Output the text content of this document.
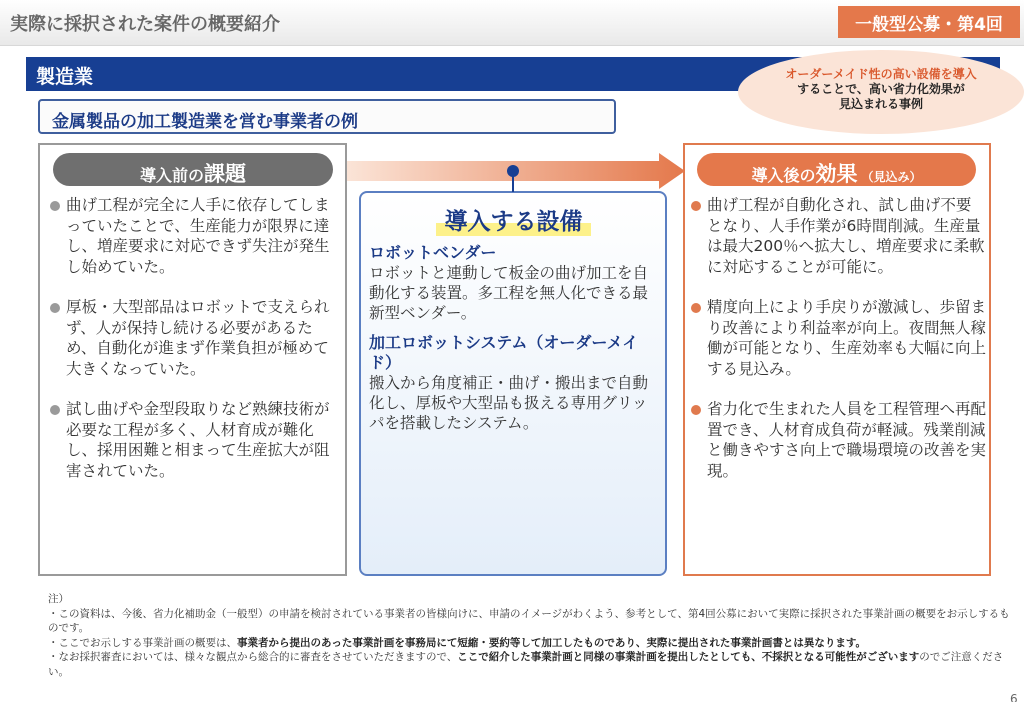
実際に採択された案件の概要紹介	一般型公募・第4回
製造業	オーダーメイド性の高い設備を導入
することで、高い省力化効果が
見込まれる事例
金属製品の加工製造業を営む事業者の例
導入前の 課題	導入後の 効果 （見込み）
導入する設備
曲げ工程が完全に人手に依存してしまっていたことで、生産能力が限界に達し、増産要求に対応できず失注が発生し始めていた。
厚板・大型部品はロボットで支えられず、人が保持し続ける必要があるため、自動化が進まず作業負担が極めて大きくなっていた。
試し曲げや金型段取りなど熟練技術が必要な工程が多く、人材育成が難化し、採用困難と相まって生産拡大が阻害されていた。
ロボットベンダー
ロボットと連動して板金の曲げ加工を自動化する装置。多工程を無人化できる最新型ベンダー。
加工ロボットシステム（オーダーメイド）
搬入から角度補正・曲げ・搬出まで自動化し、厚板や大型品も扱える専用グリッパを搭載したシステム。
曲げ工程が自動化され、試し曲げ不要となり、人手作業が6時間削減。生産量は最大200％へ拡大し、増産要求に柔軟に対応することが可能に。
精度向上により手戻りが激減し、歩留まり改善により利益率が向上。夜間無人稼働が可能となり、生産効率も大幅に向上する見込み。
省力化で生まれた人員を工程管理へ再配置でき、人材育成負荷が軽減。残業削減と働きやすさ向上で職場環境の改善を実現。
注）
・この資料は、今後、省力化補助金（一般型）の申請を検討されている事業者の皆様向けに、申請のイメージがわくよう、参考として、第4回公募において実際に採択された事業計画の概要をお示しするものです。
・ここでお示しする事業計画の概要は、事業者から提出のあった事業計画を事務局にて短縮・要約等して加工したものであり、実際に提出された事業計画書とは異なります。
・なお採択審査においては、様々な観点から総合的に審査をさせていただきますので、ここで紹介した事業計画と同様の事業計画を提出したとしても、不採択となる可能性がございますのでご注意ください。
6
